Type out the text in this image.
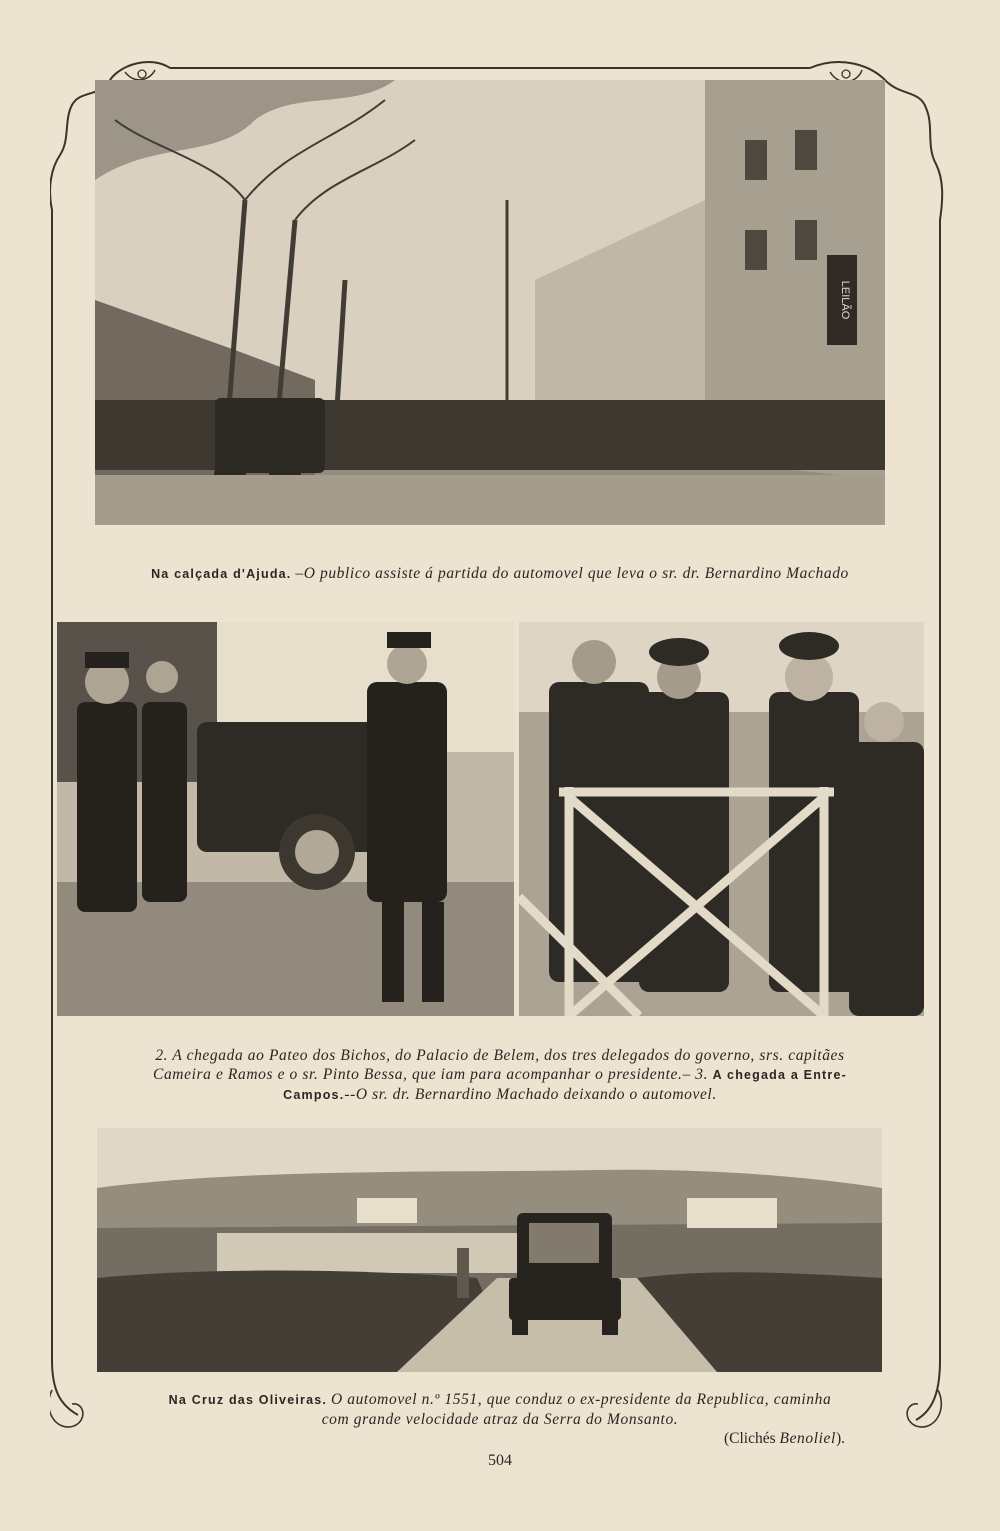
LEILÃO
Na calçada d'Ajuda. –O publico assiste á partida do automovel que leva o sr. dr. Bernardino Machado
2. A chegada ao Pateo dos Bichos, do Palacio de Belem, dos tres delegados do governo, srs. capitães
Cameira e Ramos e o sr. Pinto Bessa, que iam para acompanhar o presidente.– 3. A chegada a Entre-
Campos.--O sr. dr. Bernardino Machado deixando o automovel.
Na Cruz das Oliveiras. O automovel n.º 1551, que conduz o ex-presidente da Republica, caminha
com grande velocidade atraz da Serra do Monsanto.
(Clichés Benoliel).
504
